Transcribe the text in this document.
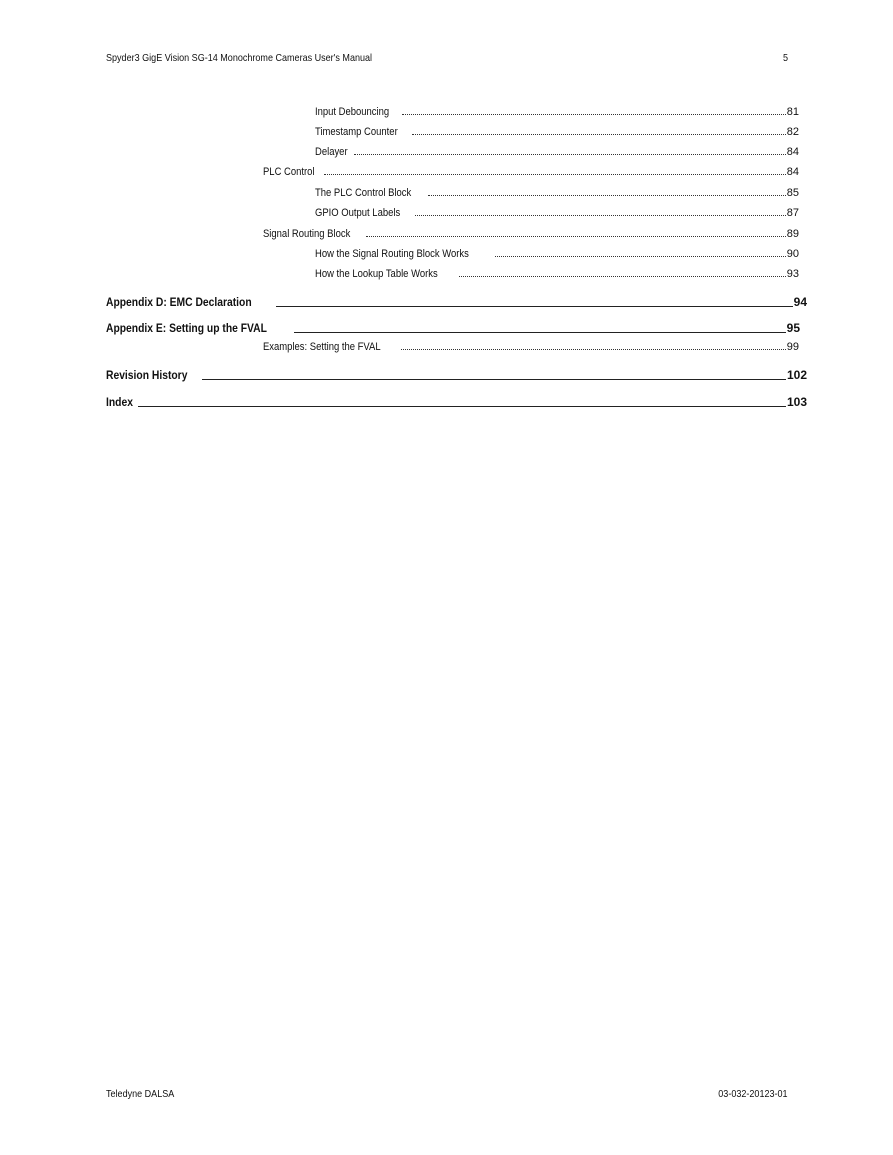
Spyder3 GigE Vision SG-14 Monochrome Cameras User's Manual	5
Input Debouncing	81
Timestamp Counter	82
Delayer	84
PLC Control	84
The PLC Control Block	85
GPIO Output Labels	87
Signal Routing Block	89
How the Signal Routing Block Works	90
How the Lookup Table Works	93
Appendix D: EMC Declaration	94
Appendix E: Setting up the FVAL	95
Examples: Setting the FVAL	99
Revision History	102
Index	103
Teledyne DALSA	03-032-20123-01
